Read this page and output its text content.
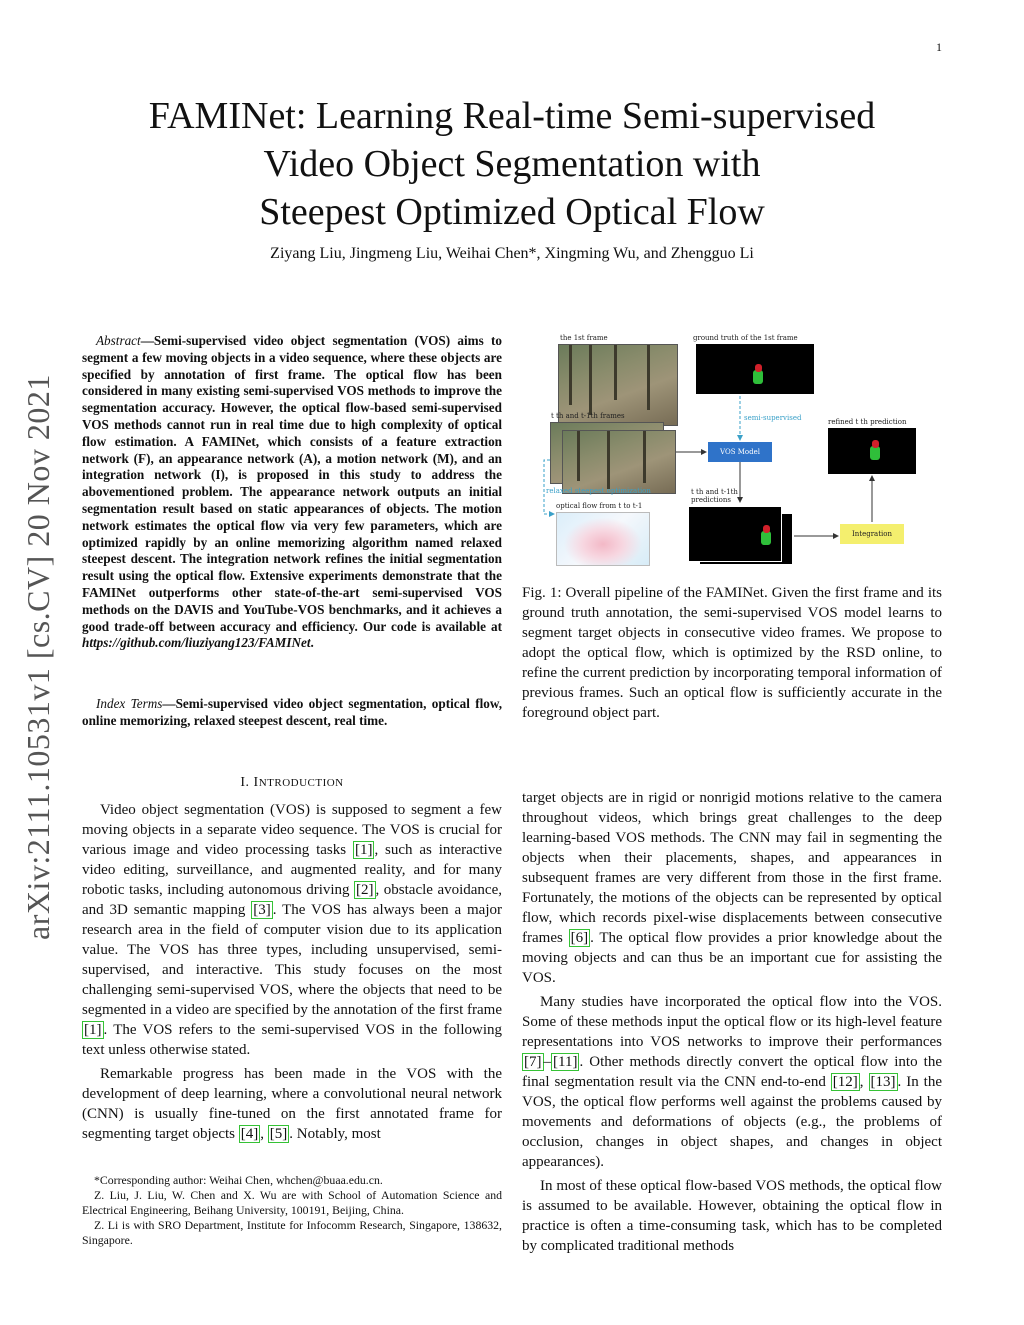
1
arXiv:2111.10531v1 [cs.CV] 20 Nov 2021
FAMINet: Learning Real-time Semi-supervised
Video Object Segmentation with
Steepest Optimized Optical Flow
Ziyang Liu, Jingmeng Liu, Weihai Chen*, Xingming Wu, and Zhengguo Li
Abstract—Semi-supervised video object segmentation (VOS) aims to segment a few moving objects in a video sequence, where these objects are specified by annotation of first frame. The optical flow has been considered in many existing semi-supervised VOS methods to improve the segmentation accuracy. However, the optical flow-based semi-supervised VOS methods cannot run in real time due to high complexity of optical flow estimation. A FAMINet, which consists of a feature extraction network (F), an appearance network (A), a motion network (M), and an integration network (I), is proposed in this study to address the abovementioned problem. The appearance network outputs an initial segmentation result based on static appearances of objects. The motion network estimates the optical flow via very few parameters, which are optimized rapidly by an online memorizing algorithm named relaxed steepest descent. The integration network refines the initial segmentation result using the optical flow. Extensive experiments demonstrate that the FAMINet outperforms other state-of-the-art semi-supervised VOS methods on the DAVIS and YouTube-VOS benchmarks, and it achieves a good trade-off between accuracy and efficiency. Our code is available at https://github.com/liuziyang123/FAMINet.
Index Terms—Semi-supervised video object segmentation, optical flow, online memorizing, relaxed steepest descent, real time.
I. INTRODUCTION

Video object segmentation (VOS) is supposed to segment a few moving objects in a separate video sequence. The VOS is crucial for various image and video processing tasks [1] , such as interactive video editing, surveillance, and augmented reality, and for many robotic tasks, including autonomous driving [2] , obstacle avoidance, and 3D semantic mapping [3] . The VOS has always been a major research area in the field of computer vision due to its application value. The VOS has three types, including unsupervised, semi-supervised, and interactive. This study focuses on the most challenging semi-supervised VOS, where the objects that need to be segmented in a video are specified by the annotation of the first frame [1] . The VOS refers to the semi-supervised VOS in the following text unless otherwise stated.

Remarkable progress has been made in the VOS with the development of deep learning, where a convolutional neural network (CNN) is usually fine-tuned on the first annotated frame for segmenting target objects [4] , [5] . Notably, most

*Corresponding author: Weihai Chen, whchen@buaa.edu.cn.

Z. Liu, J. Liu, W. Chen and X. Wu are with School of Automation Science and Electrical Engineering, Beihang University, 100191, Beijing, China.

Z. Li is with SRO Department, Institute for Infocomm Research, Singapore, 138632, Singapore.

the 1st frame	ground truth of the 1st frame
t th and t-1th frames	semi-supervised
VOS Model
refined t th prediction
relaxed steepest optimization
optical flow from t to t-1
t th and t-1th
predictions
Integration
Fig. 1: Overall pipeline of the FAMINet. Given the first frame and its ground truth annotation, the semi-supervised VOS model learns to segment target objects in consecutive video frames. We propose to adopt the optical flow, which is optimized by the RSD online, to refine the current prediction by incorporating temporal information of previous frames. Such an optical flow is sufficiently accurate in the foreground object part.

target objects are in rigid or nonrigid motions relative to the camera throughout videos, which brings great challenges to the deep learning-based VOS methods. The CNN may fail in segmenting the objects when their placements, shapes, and appearances in subsequent frames are very different from those in the first frame. Fortunately, the motions of the objects can be represented by optical flow, which records pixel-wise displacements between consecutive frames [6] . The optical flow provides a prior knowledge about the moving objects and can thus be an important cue for assisting the VOS.

Many studies have incorporated the optical flow into the VOS. Some of these methods input the optical flow or its high-level feature representations into VOS networks to improve their performances [7] – [11] . Other methods directly convert the optical flow into the final segmentation result via the CNN end-to-end [12] , [13] . In the VOS, the optical flow performs well against the problems caused by movements and deformations of objects (e.g., the problems of occlusion, changes in object shapes, and changes in object appearances).

In most of these optical flow-based VOS methods, the optical flow is assumed to be available. However, obtaining the optical flow in practice is often a time-consuming task, which has to be completed by complicated traditional methods
